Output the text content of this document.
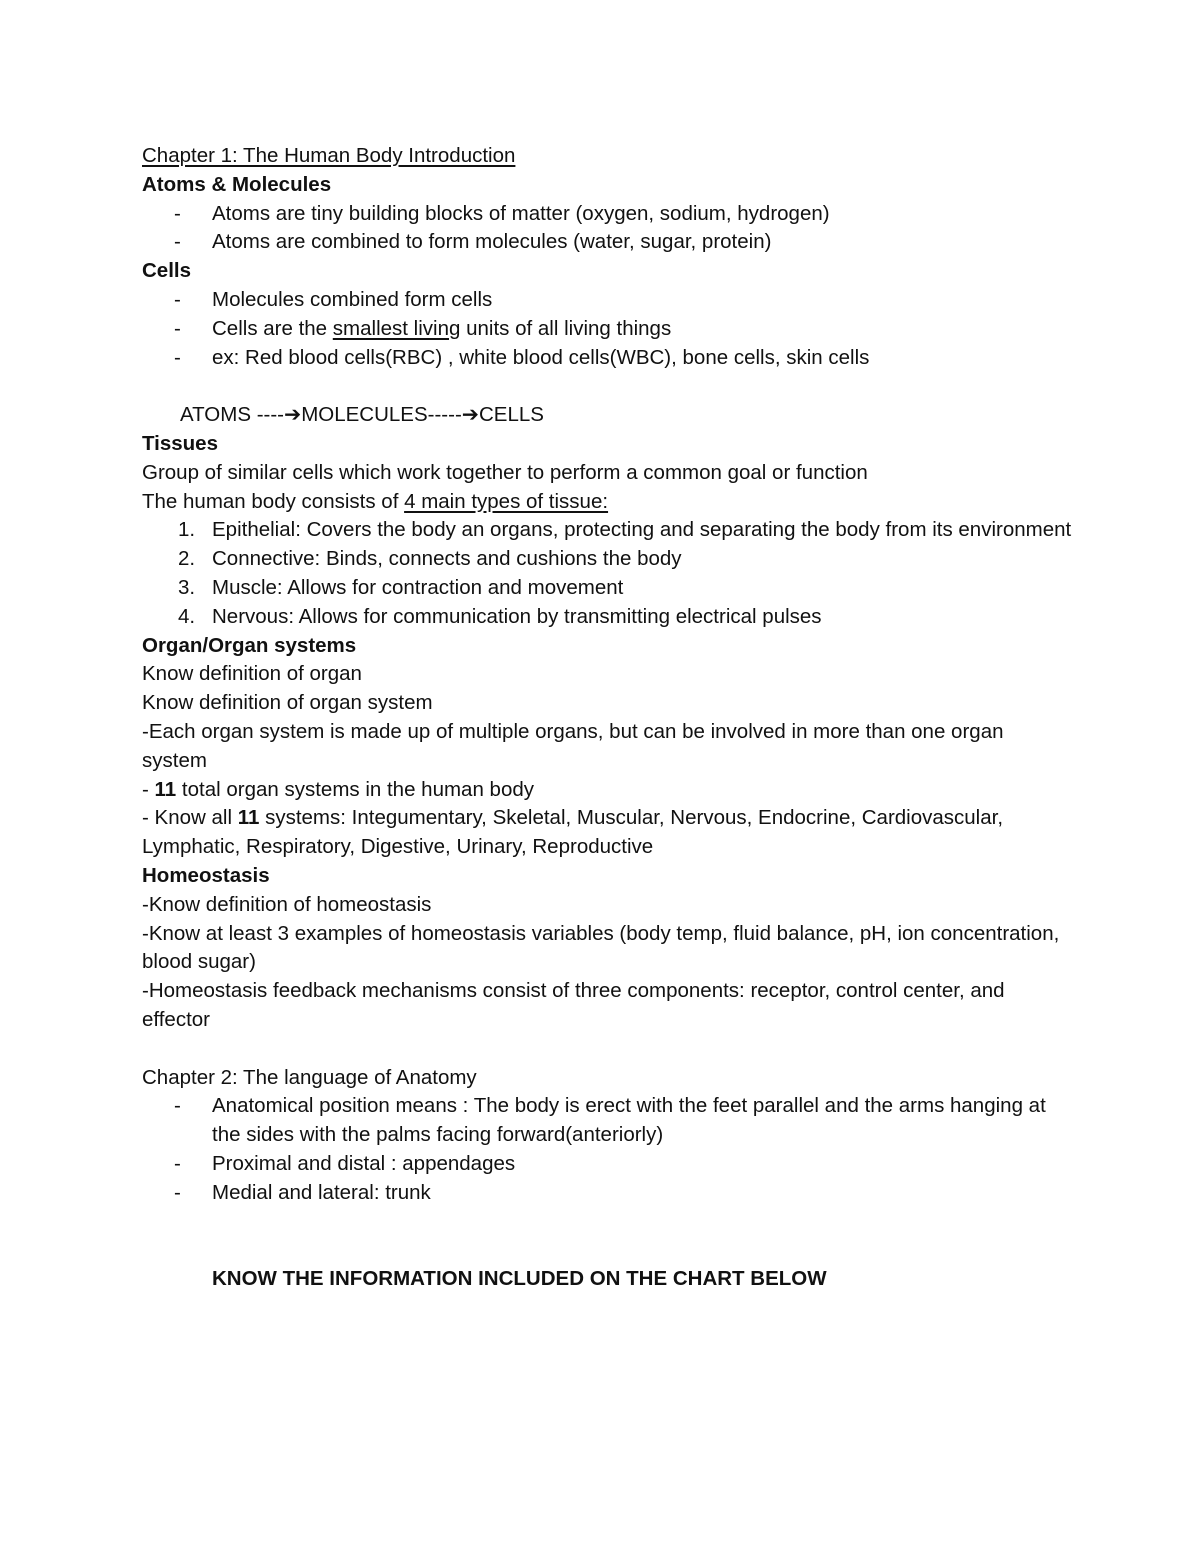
Chapter 1: The Human Body Introduction
Atoms & Molecules
- Atoms are tiny building blocks of matter (oxygen, sodium, hydrogen)
- Atoms are combined to form molecules (water, sugar, protein)
Cells
- Molecules combined form cells
- Cells are the smallest living units of all living things
- ex: Red blood cells(RBC) , white blood cells(WBC), bone cells, skin cells
ATOMS ----➔MOLECULES-----➔CELLS
Tissues
Group of similar cells which work together to perform a common goal or function
The human body consists of 4 main types of tissue:
1. Epithelial: Covers the body an organs, protecting and separating the body from its environment
2. Connective: Binds, connects and cushions the body
3. Muscle: Allows for contraction and movement
4. Nervous: Allows for communication by transmitting electrical pulses
Organ/Organ systems
Know definition of organ
Know definition of organ system
-Each organ system is made up of multiple organs, but can be involved in more than one organ system
- 11 total organ systems in the human body
- Know all 11 systems: Integumentary, Skeletal, Muscular, Nervous, Endocrine, Cardiovascular, Lymphatic, Respiratory, Digestive, Urinary, Reproductive
Homeostasis
-Know definition of homeostasis
-Know at least 3 examples of homeostasis variables (body temp, fluid balance, pH, ion concentration, blood sugar)
-Homeostasis feedback mechanisms consist of three components: receptor, control center, and effector
Chapter 2: The language of Anatomy
- Anatomical position means : The body is erect with the feet parallel and the arms hanging at the sides with the palms facing forward(anteriorly)
- Proximal and distal : appendages
- Medial and lateral: trunk
KNOW THE INFORMATION INCLUDED ON THE CHART BELOW
